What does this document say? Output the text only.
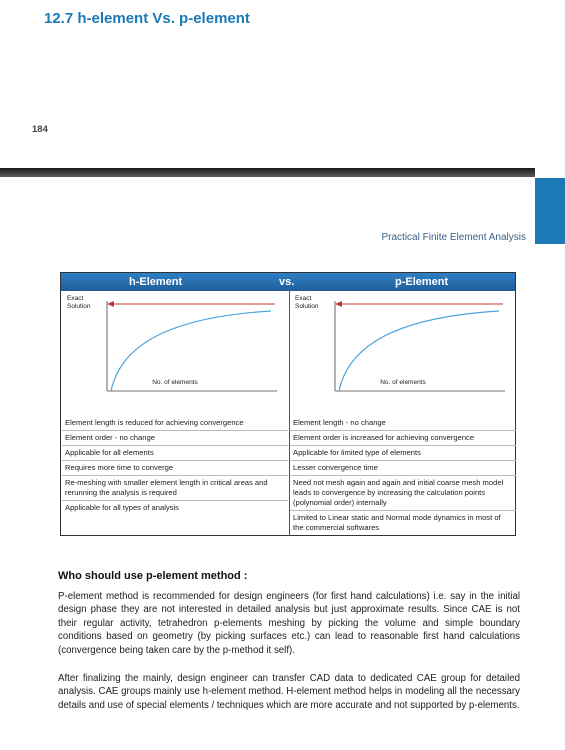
12.7 h-element Vs. p-element
184
Practical Finite Element Analysis
h-Element	vs.	p-Element
Exact
Solution
No. of elements
Exact
Solution
No. of elements
Element length is reduced for achieving convergence
Element order - no change
Applicable for all elements
Requires more time to converge
Re-meshing with smaller element length in critical areas and rerunning the analysis is required
Applicable for all types of analysis
Element length - no change
Element order is increased for achieving convergence
Applicable for limited type of elements
Lesser convergence time
Need not mesh again and again and initial coarse mesh model leads to convergence by increasing the calculation points (polynomial order) internally
Limited to Linear static and Normal mode dynamics in most of the commercial softwares
Who should use p-element method :

P-element method is recommended for design engineers (for first hand calculations) i.e. say in the initial design phase they are not interested in detailed analysis but just approximate results. Since CAE is not their regular activity, tetrahedron p-elements meshing by picking the volume and simple boundary conditions based on geometry (by picking surfaces etc.) can lead to reasonable first hand calculations (convergence being taken care by the p-method it self).

After finalizing the mainly, design engineer can transfer CAD data to dedicated CAE group for detailed analysis. CAE groups mainly use h-element method. H-element method helps in modeling all the necessary details and use of special elements / techniques which are more accurate and not supported by p-elements.
